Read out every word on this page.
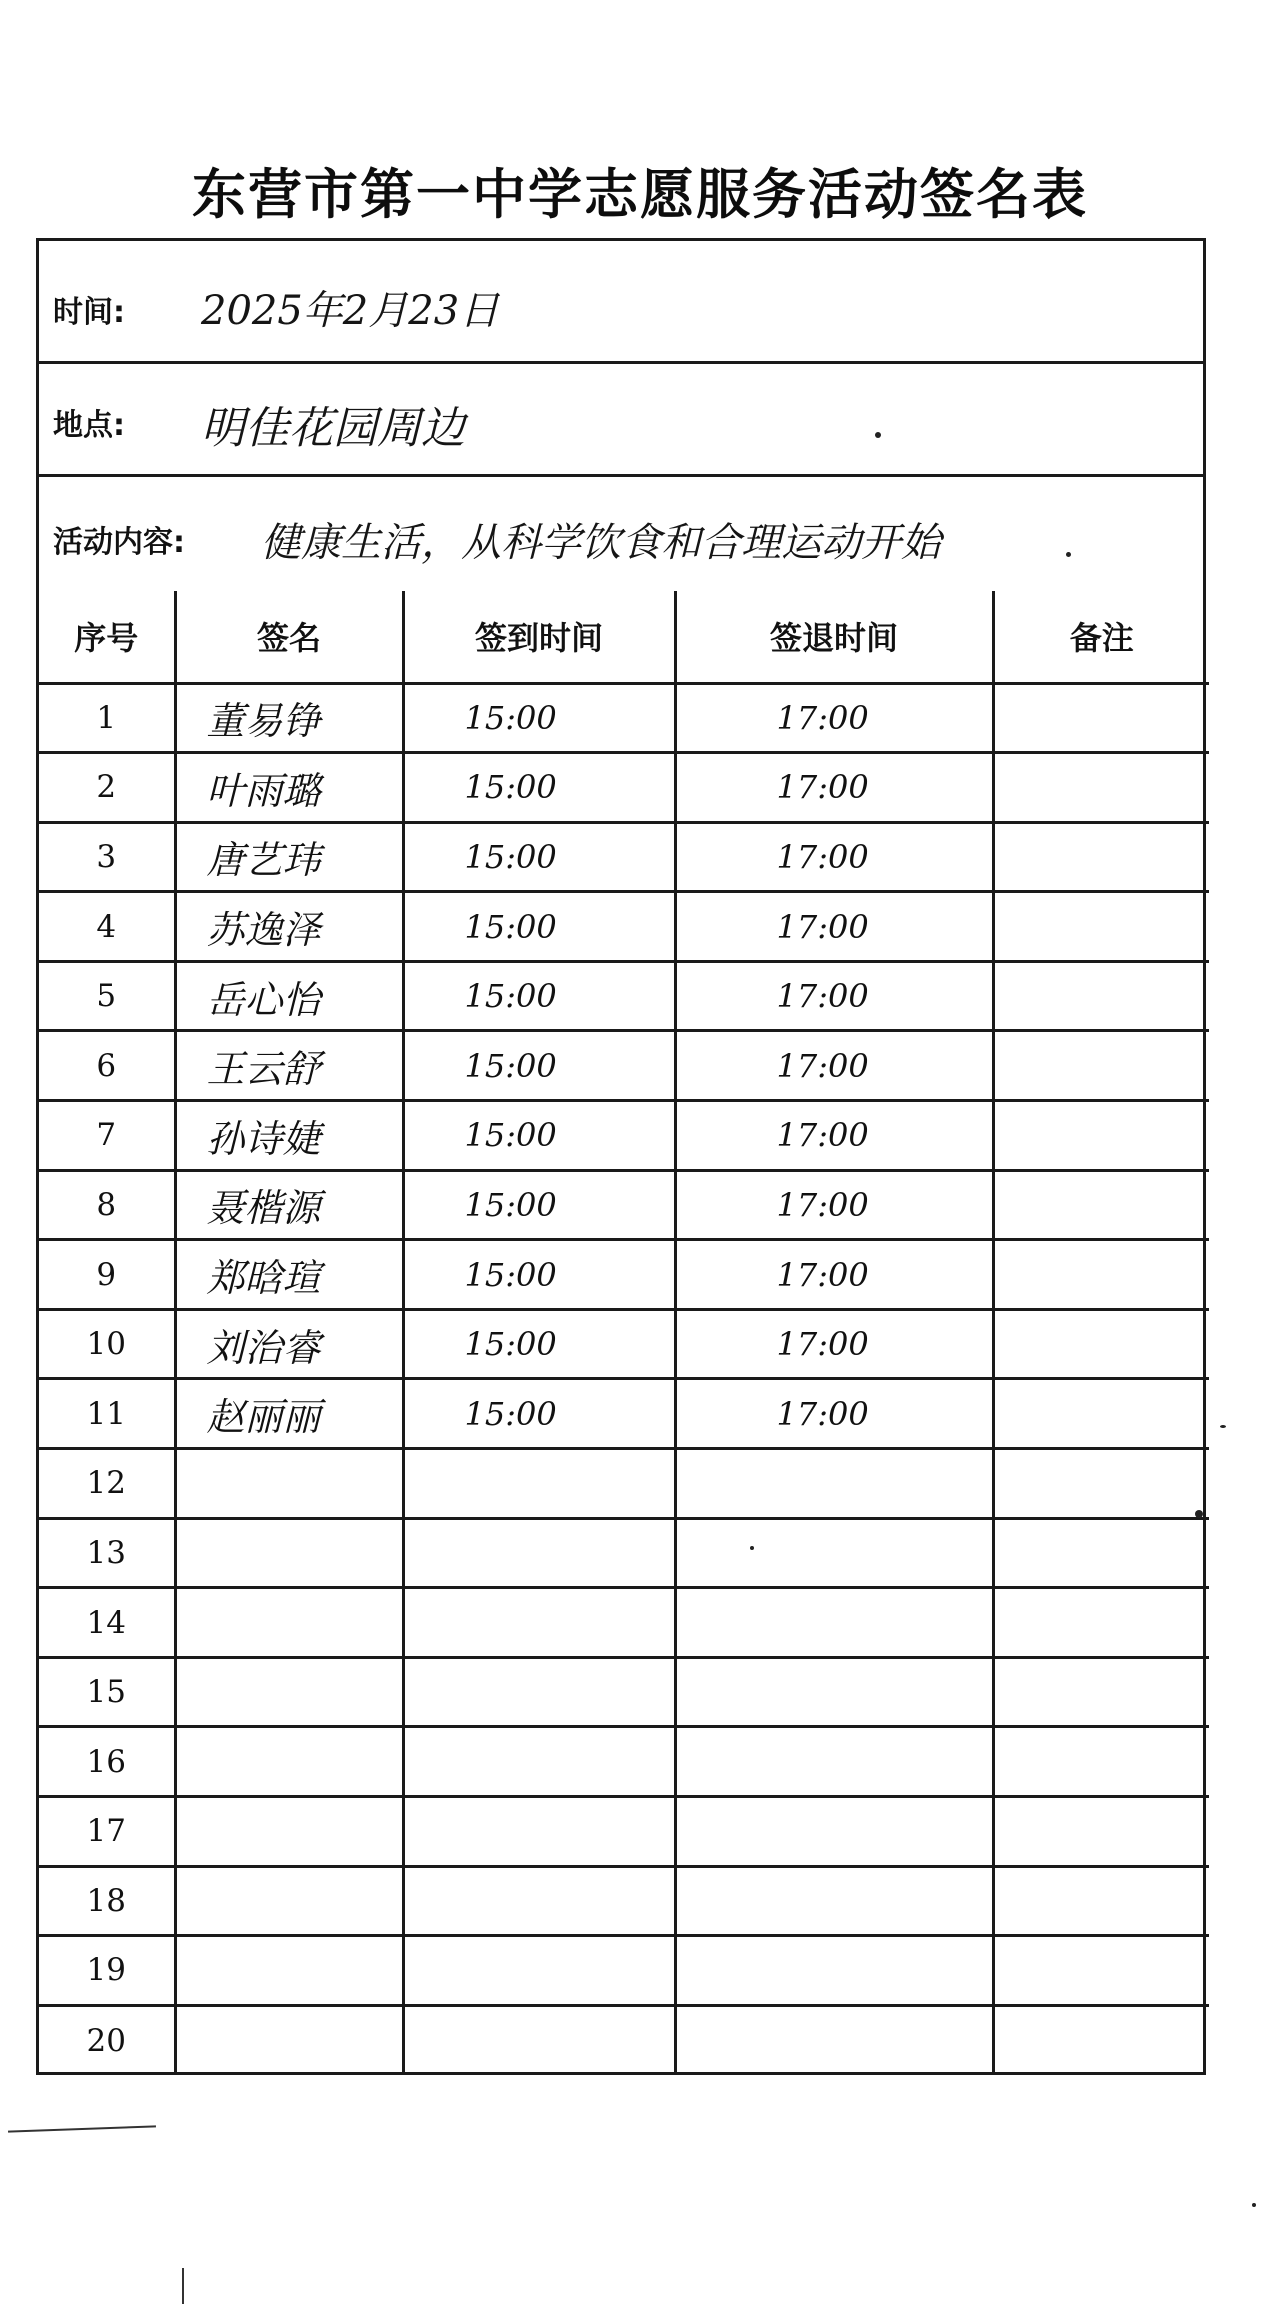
东营市第一中学志愿服务活动签名表
时间: 2025年2月23日
地点: 明佳花园周边
活动内容: 健康生活，从科学饮食和合理运动开始
序号	签名	签到时间	签退时间	备注
1	董易铮	15:00	17:00	
2	叶雨璐	15:00	17:00	
3	唐艺玮	15:00	17:00	
4	苏逸泽	15:00	17:00	
5	岳心怡	15:00	17:00	
6	王云舒	15:00	17:00	
7	孙诗婕	15:00	17:00	
8	聂楷源	15:00	17:00	
9	郑晗瑄	15:00	17:00	
10	刘治睿	15:00	17:00	
11	赵丽丽	15:00	17:00	
12				
13				
14				
15				
16				
17				
18				
19				
20				
